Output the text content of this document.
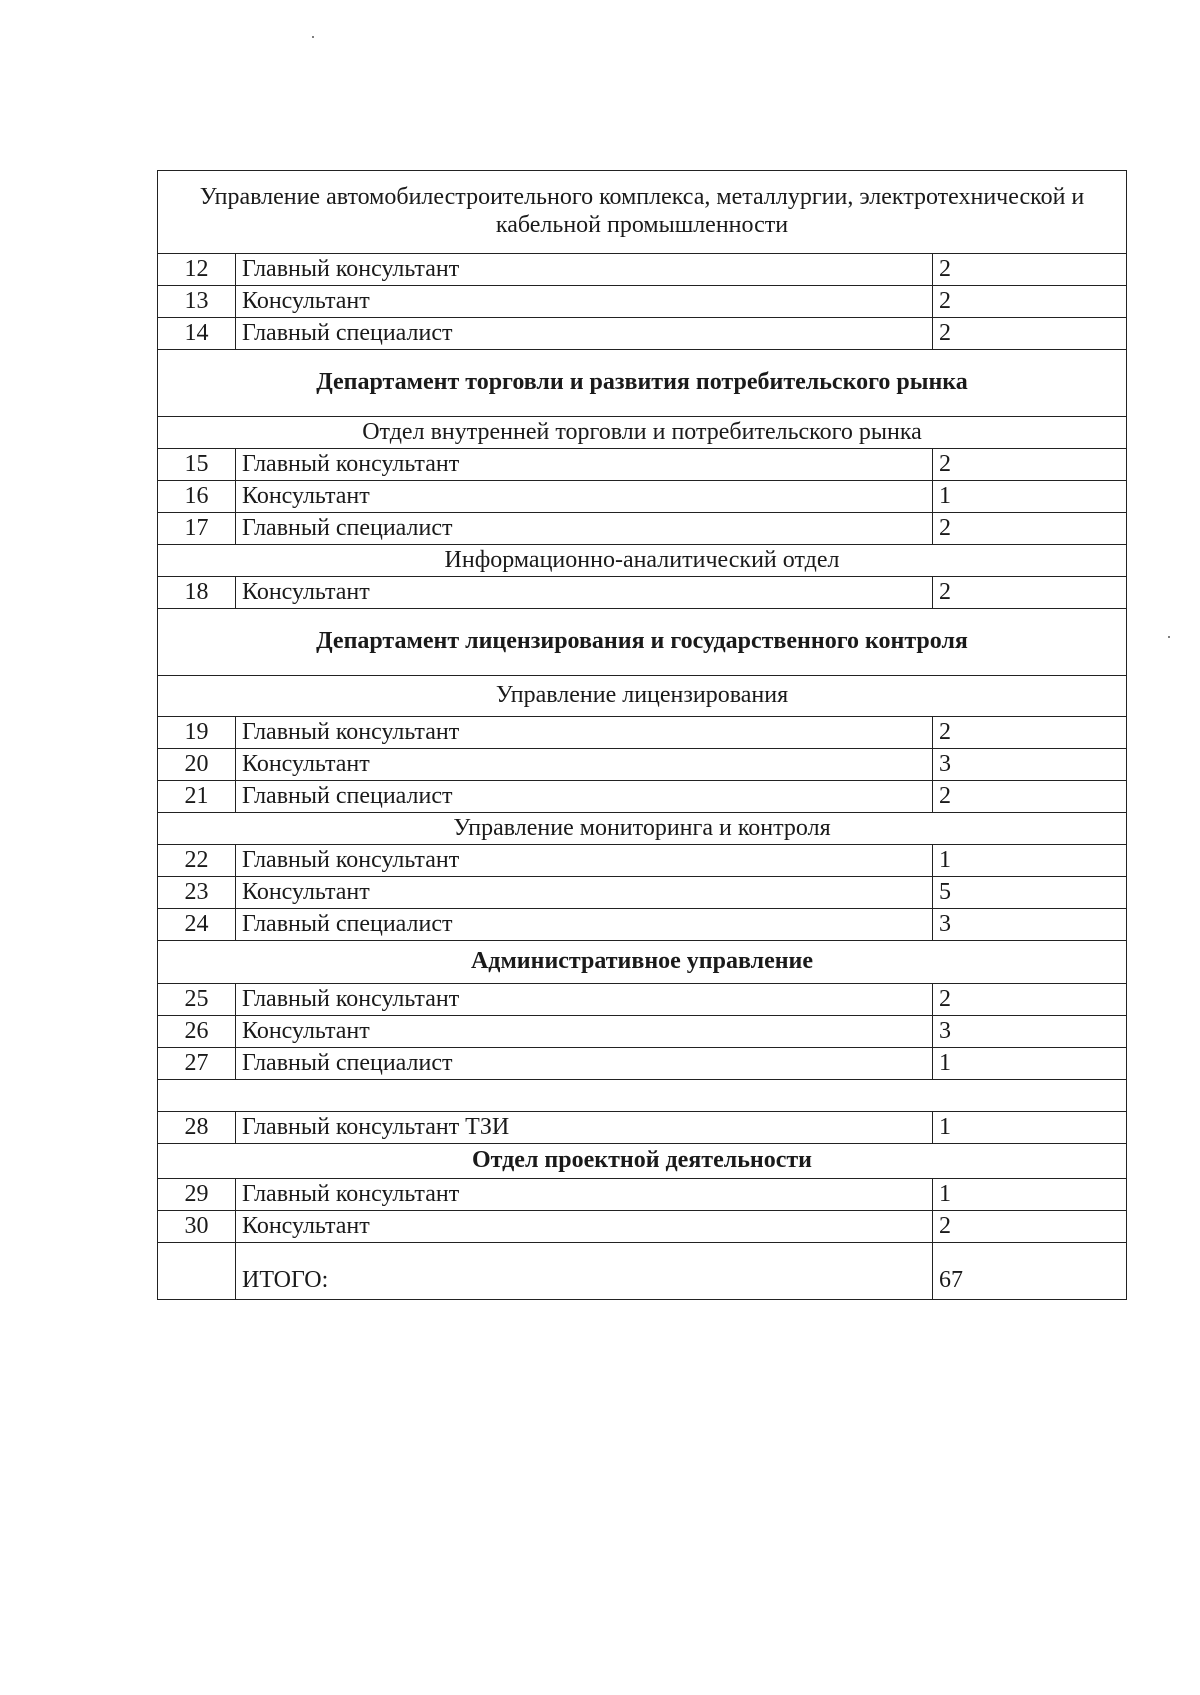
Управление автомобилестроительного комплекса, металлургии, электротехнической и кабельной промышленности		
12	Главный консультант	2
13	Консультант	2
14	Главный специалист	2
Департамент торговли и развития потребительского рынка		
Отдел внутренней торговли и потребительского рынка		
15	Главный консультант	2
16	Консультант	1
17	Главный специалист	2
Информационно-аналитический отдел		
18	Консультант	2
Департамент лицензирования и государственного контроля		
Управление лицензирования		
19	Главный консультант	2
20	Консультант	3
21	Главный специалист	2
Управление мониторинга и контроля		
22	Главный консультант	1
23	Консультант	5
24	Главный специалист	3
Административное управление		
25	Главный консультант	2
26	Консультант	3
27	Главный специалист	1

28	Главный консультант ТЗИ	1
Отдел проектной деятельности		
29	Главный консультант	1
30	Консультант	2
	ИТОГО:	67
